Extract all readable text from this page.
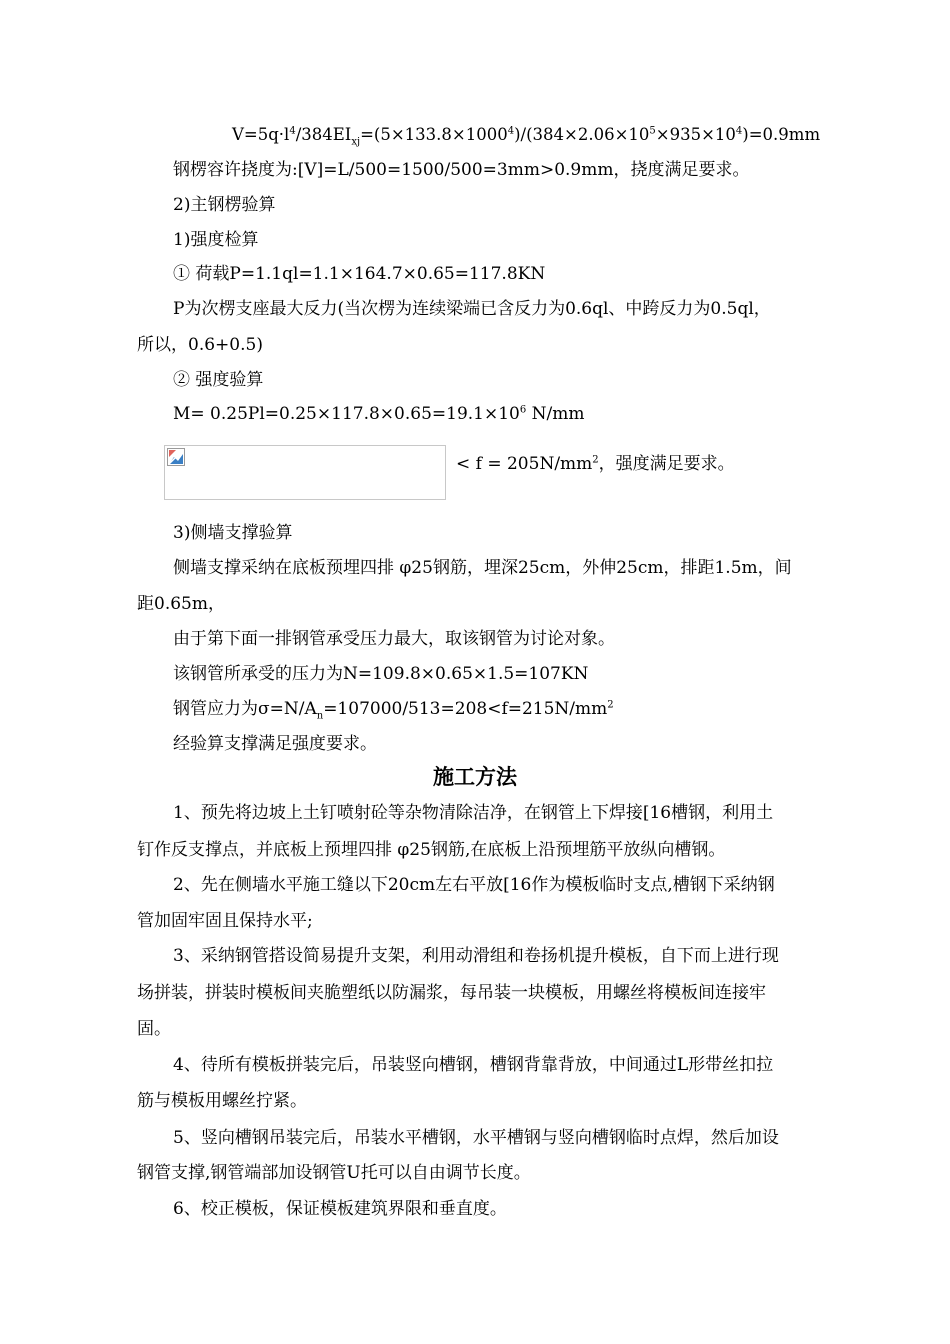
$V=5q\cdot l^4/384EI_{xj}=(5\times 133.8\times 1000^4)/(384\times 2.06\times 10^5\times 935\times 10^4)=0.9mm$
钢楞容许挠度为:[V]=L/500=1500/500=3mm>0.9mm，挠度满足要求。
2)主钢楞验算
1)强度检算
① 荷载P=1.1ql=1.1×164.7×0.65=117.8KN
P为次楞支座最大反力(当次楞为连续梁端已含反力为0.6ql、中跨反力为0.5ql，
所以，0.6+0.5)
② 强度验算
$M= 0.25Pl=0.25\times 117.8\times 0.65=19.1\times 10^6$ N/mm
< $f = 205N/mm^2$，强度满足要求。
3)侧墙支撑验算
侧墙支撑采纳在底板预埋四排 φ25钢筋，埋深25cm，外伸25cm，排距1.5m，间
距0.65m，
由于第下面一排钢管承受压力最大，取该钢管为讨论对象。
该钢管所承受的压力为N=109.8×0.65×1.5=107KN
钢管应力为$\sigma=N/A_n=107000/513=208<f=215N/mm^2$
经验算支撑满足强度要求。
施工方法
1、预先将边坡上土钉喷射砼等杂物清除洁净，在钢管上下焊接[16槽钢，利用土
钉作反支撑点，并底板上预埋四排 φ25钢筋,在底板上沿预埋筋平放纵向槽钢。
2、先在侧墙水平施工缝以下20cm左右平放[16作为模板临时支点,槽钢下采纳钢
管加固牢固且保持水平;
3、采纳钢管搭设简易提升支架，利用动滑组和卷扬机提升模板，自下而上进行现
场拼装，拼装时模板间夹脆塑纸以防漏浆，每吊装一块模板，用螺丝将模板间连接牢
固。
4、待所有模板拼装完后，吊装竖向槽钢，槽钢背靠背放，中间通过L形带丝扣拉
筋与模板用螺丝拧紧。
5、竖向槽钢吊装完后，吊装水平槽钢，水平槽钢与竖向槽钢临时点焊，然后加设
钢管支撑,钢管端部加设钢管U托可以自由调节长度。
6、校正模板，保证模板建筑界限和垂直度。
